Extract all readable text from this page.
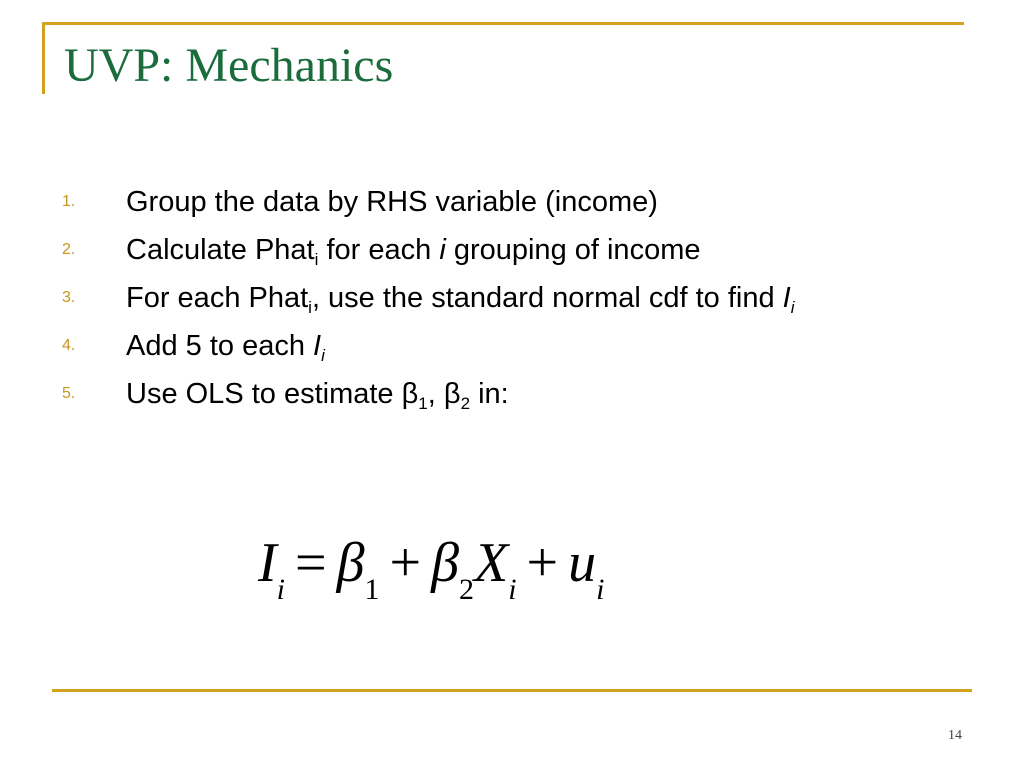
UVP: Mechanics
1.	Group the data by RHS variable (income)
2.	Calculate Phat$_i$ for each i grouping of income
3.	For each Phat$_i$, use the standard normal cdf to find $I_i$
4.	Add 5 to each $I_i$
5.	Use OLS to estimate $\beta_1$, $\beta_2$ in:
$I_i = \beta_1 + \beta_2X_i + u_i$
14
